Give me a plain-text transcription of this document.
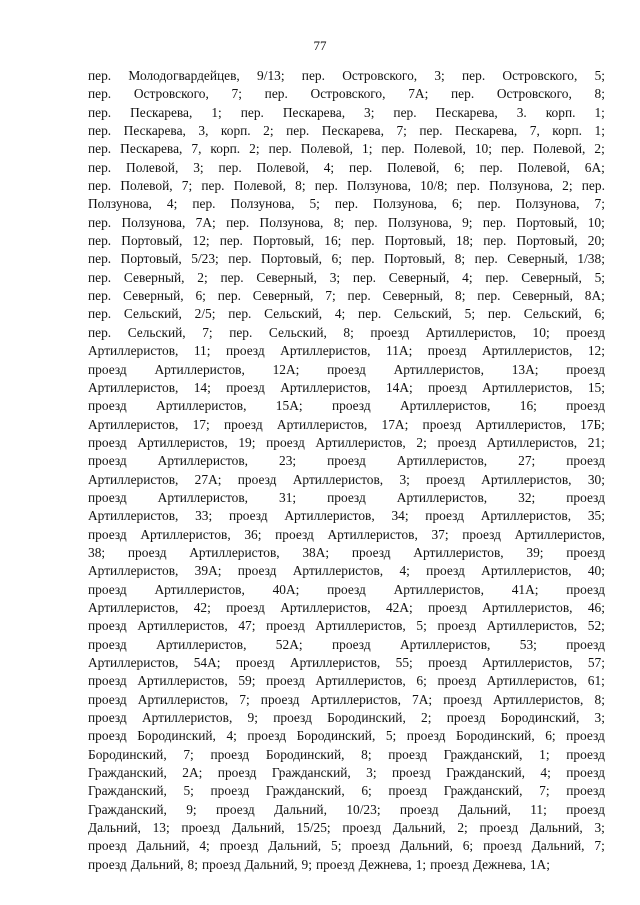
77
пер. Молодогвардейцев, 9/13; пер. Островского, 3; пер. Островского, 5;
пер. Островского, 7; пер. Островского, 7А; пер. Островского, 8;
пер. Пескарева, 1; пер. Пескарева, 3; пер. Пескарева, 3. корп. 1;
пер. Пескарева, 3, корп. 2; пер. Пескарева, 7; пер. Пескарева, 7, корп. 1;
пер. Пескарева, 7, корп. 2; пер. Полевой, 1; пер. Полевой, 10; пер. Полевой, 2;
пер. Полевой, 3; пер. Полевой, 4; пер. Полевой, 6; пер. Полевой, 6А;
пер. Полевой, 7; пер. Полевой, 8; пер. Ползунова, 10/8; пер. Ползунова, 2; пер.
Ползунова, 4; пер. Ползунова, 5; пер. Ползунова, 6; пер. Ползунова, 7;
пер. Ползунова, 7А; пер. Ползунова, 8; пер. Ползунова, 9; пер. Портовый, 10;
пер. Портовый, 12; пер. Портовый, 16; пер. Портовый, 18; пер. Портовый, 20;
пер. Портовый, 5/23; пер. Портовый, 6; пер. Портовый, 8; пер. Северный, 1/38;
пер. Северный, 2; пер. Северный, 3; пер. Северный, 4; пер. Северный, 5;
пер. Северный, 6; пер. Северный, 7; пер. Северный, 8; пер. Северный, 8А;
пер. Сельский, 2/5; пер. Сельский, 4; пер. Сельский, 5; пер. Сельский, 6;
пер. Сельский, 7; пер. Сельский, 8; проезд Артиллеристов, 10; проезд
Артиллеристов, 11; проезд Артиллеристов, 11А; проезд Артиллеристов, 12;
проезд Артиллеристов, 12А; проезд Артиллеристов, 13А; проезд
Артиллеристов, 14; проезд Артиллеристов, 14А; проезд Артиллеристов, 15;
проезд Артиллеристов, 15А; проезд Артиллеристов, 16; проезд
Артиллеристов, 17; проезд Артиллеристов, 17А; проезд Артиллеристов, 17Б;
проезд Артиллеристов, 19; проезд Артиллеристов, 2; проезд Артиллеристов, 21;
проезд Артиллеристов, 23; проезд Артиллеристов, 27; проезд
Артиллеристов, 27А; проезд Артиллеристов, 3; проезд Артиллеристов, 30;
проезд Артиллеристов, 31; проезд Артиллеристов, 32; проезд
Артиллеристов, 33; проезд Артиллеристов, 34; проезд Артиллеристов, 35;
проезд Артиллеристов, 36; проезд Артиллеристов, 37; проезд Артиллеристов,
38; проезд Артиллеристов, 38А; проезд Артиллеристов, 39; проезд
Артиллеристов, 39А; проезд Артиллеристов, 4; проезд Артиллеристов, 40;
проезд Артиллеристов, 40А; проезд Артиллеристов, 41А; проезд
Артиллеристов, 42; проезд Артиллеристов, 42А; проезд Артиллеристов, 46;
проезд Артиллеристов, 47; проезд Артиллеристов, 5; проезд Артиллеристов, 52;
проезд Артиллеристов, 52А; проезд Артиллеристов, 53; проезд
Артиллеристов, 54А; проезд Артиллеристов, 55; проезд Артиллеристов, 57;
проезд Артиллеристов, 59; проезд Артиллеристов, 6; проезд Артиллеристов, 61;
проезд Артиллеристов, 7; проезд Артиллеристов, 7А; проезд Артиллеристов, 8;
проезд Артиллеристов, 9; проезд Бородинский, 2; проезд Бородинский, 3;
проезд Бородинский, 4; проезд Бородинский, 5; проезд Бородинский, 6; проезд
Бородинский, 7; проезд Бородинский, 8; проезд Гражданский, 1; проезд
Гражданский, 2А; проезд Гражданский, 3; проезд Гражданский, 4; проезд
Гражданский, 5; проезд Гражданский, 6; проезд Гражданский, 7; проезд
Гражданский, 9; проезд Дальний, 10/23; проезд Дальний, 11; проезд
Дальний, 13; проезд Дальний, 15/25; проезд Дальний, 2; проезд Дальний, 3;
проезд Дальний, 4; проезд Дальний, 5; проезд Дальний, 6; проезд Дальний, 7;
проезд Дальний, 8; проезд Дальний, 9; проезд Дежнева, 1; проезд Дежнева, 1А;
